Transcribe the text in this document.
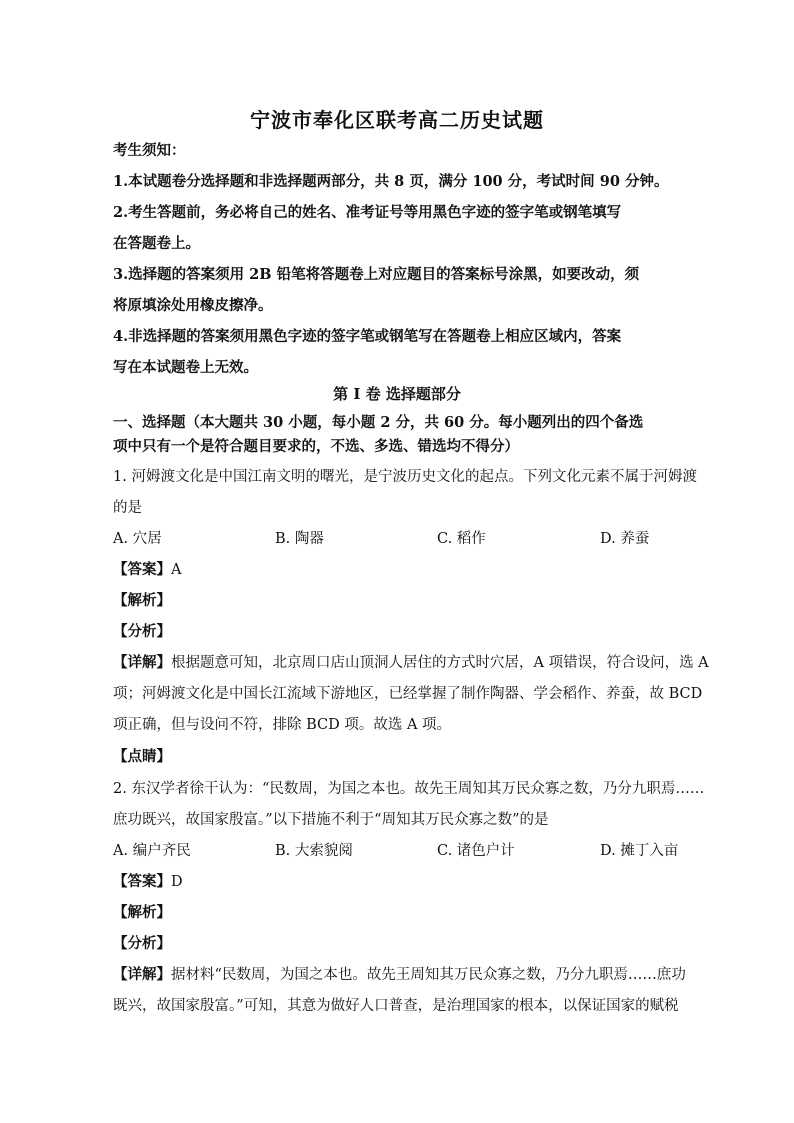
宁波市奉化区联考高二历史试题
考生须知：
1.本试题卷分选择题和非选择题两部分，共 8 页，满分 100 分，考试时间 90 分钟。
2.考生答题前，务必将自己的姓名、准考证号等用黑色字迹的签字笔或钢笔填写
在答题卷上。
3.选择题的答案须用 2B 铅笔将答题卷上对应题目的答案标号涂黑，如要改动，须
将原填涂处用橡皮擦净。
4.非选择题的答案须用黑色字迹的签字笔或钢笔写在答题卷上相应区域内，答案
写在本试题卷上无效。
第 I 卷 选择题部分
一、选择题（本大题共 30 小题，每小题 2 分，共 60 分。每小题列出的四个备选
项中只有一个是符合题目要求的，不选、多选、错选均不得分）
1. 河姆渡文化是中国江南文明的曙光，是宁波历史文化的起点。下列文化元素不属于河姆渡
的是
A. 穴居	B. 陶器	C. 稻作	D. 养蚕
【答案】A
【解析】
【分析】
【详解】根据题意可知，北京周口店山顶洞人居住的方式时穴居，A 项错误，符合设问，选 A
项；河姆渡文化是中国长江流域下游地区，已经掌握了制作陶器、学会稻作、养蚕，故 BCD
项正确，但与设问不符，排除 BCD 项。故选 A 项。
【点睛】
2. 东汉学者徐干认为：“民数周，为国之本也。故先王周知其万民众寡之数，乃分九职焉……
庶功既兴，故国家殷富。”以下措施不利于“周知其万民众寡之数”的是
A. 编户齐民	B. 大索貌阅	C. 诸色户计	D. 摊丁入亩
【答案】D
【解析】
【分析】
【详解】据材料“民数周，为国之本也。故先王周知其万民众寡之数，乃分九职焉……庶功
既兴，故国家殷富。”可知，其意为做好人口普查，是治理国家的根本，以保证国家的赋税
